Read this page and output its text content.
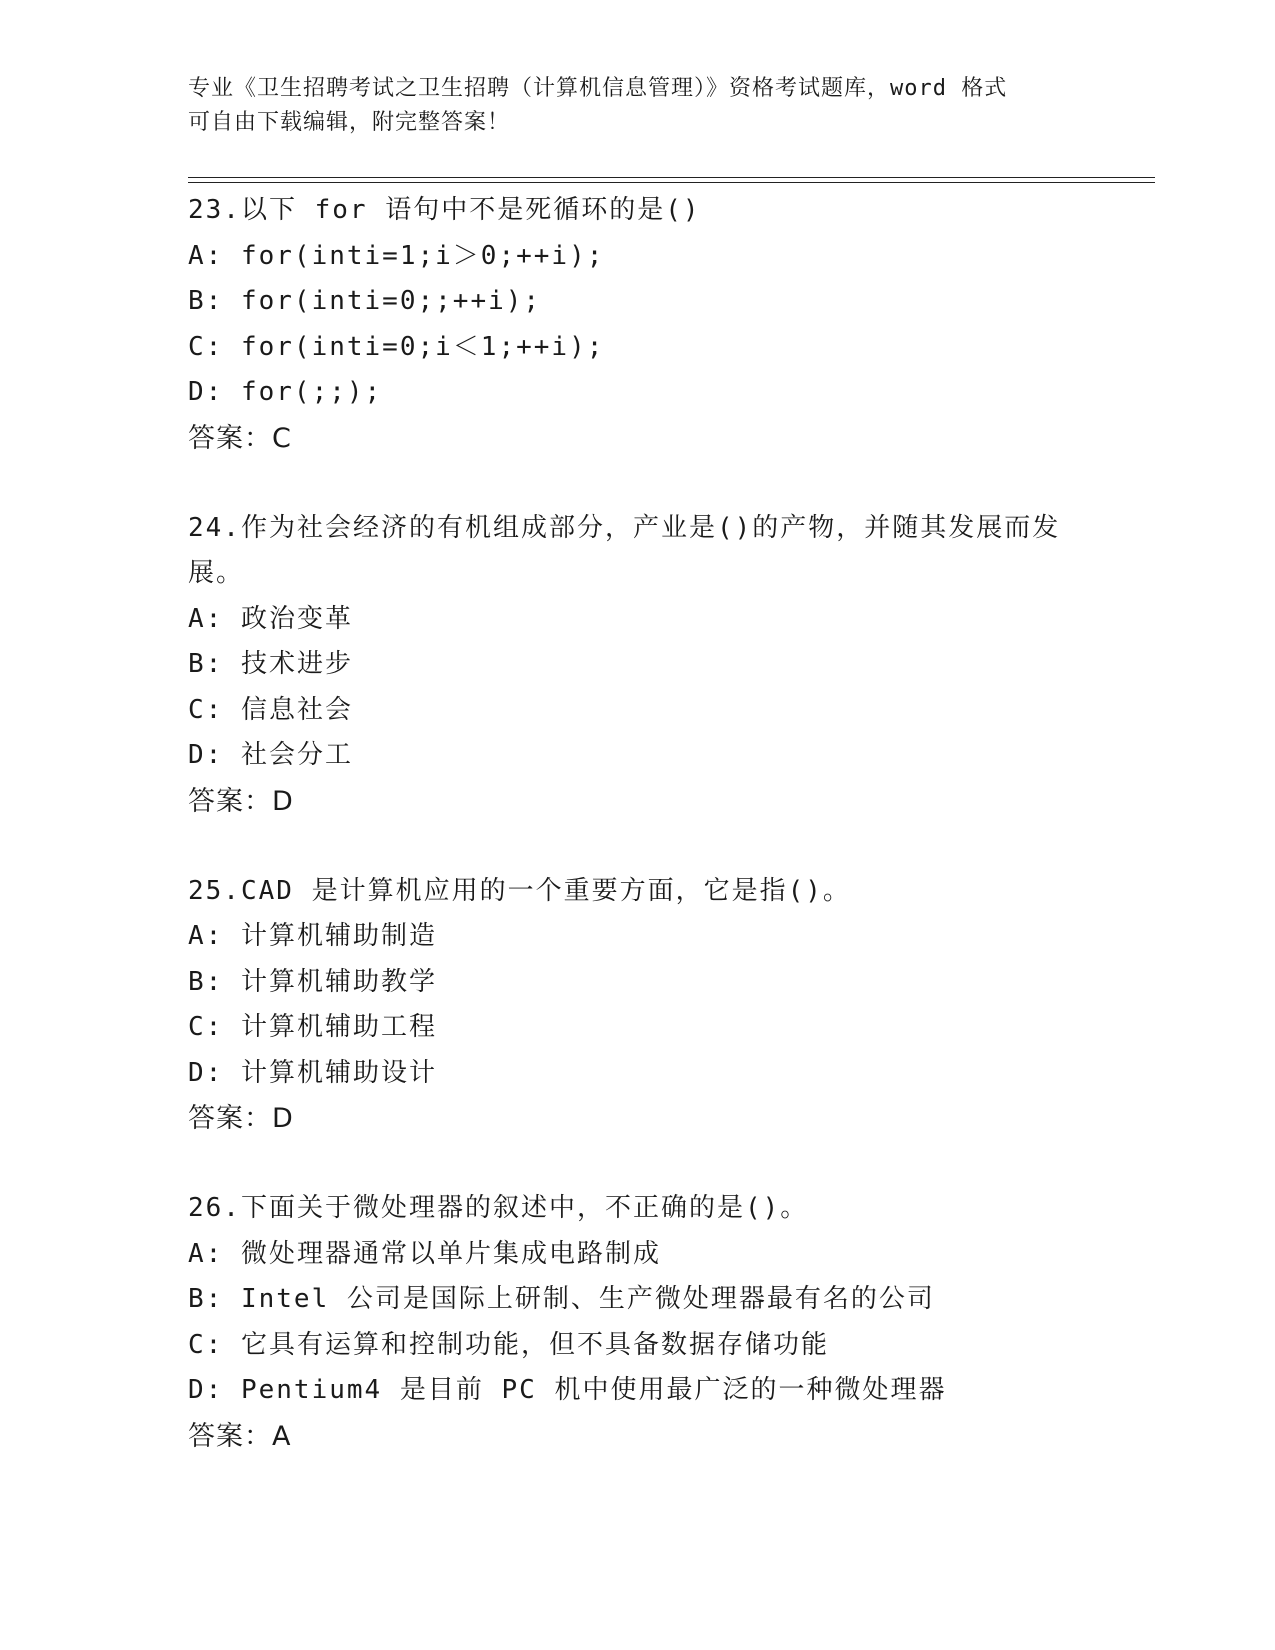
专业《卫生招聘考试之卫生招聘（计算机信息管理）》资格考试题库，word 格式
可自由下载编辑，附完整答案！
23.以下 for 语句中不是死循环的是()
A: for(inti=1;i＞0;++i);
B: for(inti=0;;++i);
C: for(inti=0;i＜1;++i);
D: for(;;);
答案：C
24.作为社会经济的有机组成部分，产业是()的产物，并随其发展而发
展。
A: 政治变革
B: 技术进步
C: 信息社会
D: 社会分工
答案：D
25.CAD 是计算机应用的一个重要方面，它是指()。
A: 计算机辅助制造
B: 计算机辅助教学
C: 计算机辅助工程
D: 计算机辅助设计
答案：D
26.下面关于微处理器的叙述中，不正确的是()。
A: 微处理器通常以单片集成电路制成
B: Intel 公司是国际上研制、生产微处理器最有名的公司
C: 它具有运算和控制功能，但不具备数据存储功能
D: Pentium4 是目前 PC 机中使用最广泛的一种微处理器
答案：A
